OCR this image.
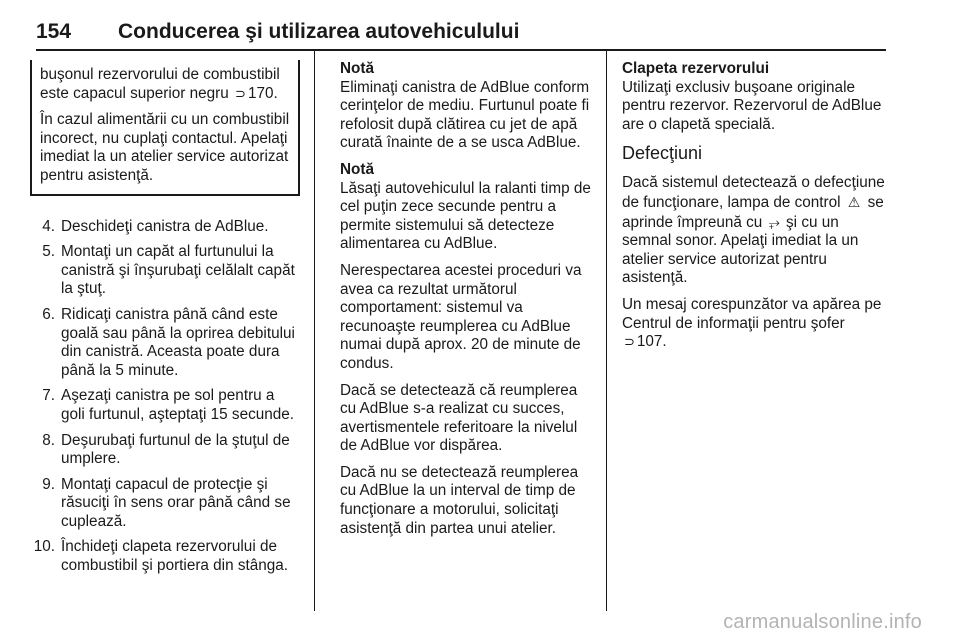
154	Conducerea şi utilizarea autovehiculului

buşonul rezervorului de combustibil este capacul superior negru ⊃ 170.

În cazul alimentării cu un combustibil incorect, nu cuplaţi contactul. Apelaţi imediat la un atelier service autorizat pentru asistenţă.

4. Deschideţi canistra de AdBlue.
5. Montaţi un capăt al furtunului la canistră şi înşurubaţi celălalt capăt la ştuţ.
6. Ridicaţi canistra până când este goală sau până la oprirea debitului din canistră. Aceasta poate dura până la 5 minute.
7. Aşezaţi canistra pe sol pentru a goli furtunul, aşteptaţi 15 secunde.
8. Deşurubaţi furtunul de la ştuţul de umplere.
9. Montaţi capacul de protecţie şi răsuciţi în sens orar până când se cuplează.
10. Închideţi clapeta rezervorului de combustibil şi portiera din stânga.

Notă
Eliminaţi canistra de AdBlue conform cerinţelor de mediu. Furtunul poate fi refolosit după clătirea cu jet de apă curată înainte de a se usca AdBlue.

Notă
Lăsaţi autovehiculul la ralanti timp de cel puţin zece secunde pentru a permite sistemului să detecteze alimentarea cu AdBlue.

Nerespectarea acestei proceduri va avea ca rezultat următorul comportament: sistemul va recunoaşte reumplerea cu AdBlue numai după aprox. 20 de minute de condus.

Dacă se detectează că reumplerea cu AdBlue s-a realizat cu succes, avertismentele referitoare la nivelul de AdBlue vor dispărea.

Dacă nu se detectează reumplerea cu AdBlue la un interval de timp de funcţionare a motorului, solicitaţi asistenţă din partea unui atelier.

Clapeta rezervorului
Utilizaţi exclusiv buşoane originale pentru rezervor. Rezervorul de AdBlue are o clapetă specială.

Defecţiuni

Dacă sistemul detectează o defecţiune de funcţionare, lampa de control ⚠ se aprinde împreună cu ⥅ şi cu un semnal sonor. Apelaţi imediat la un atelier service autorizat pentru asistenţă.

Un mesaj corespunzător va apărea pe Centrul de informaţii pentru şofer ⊃ 107.

carmanualsonline.info
